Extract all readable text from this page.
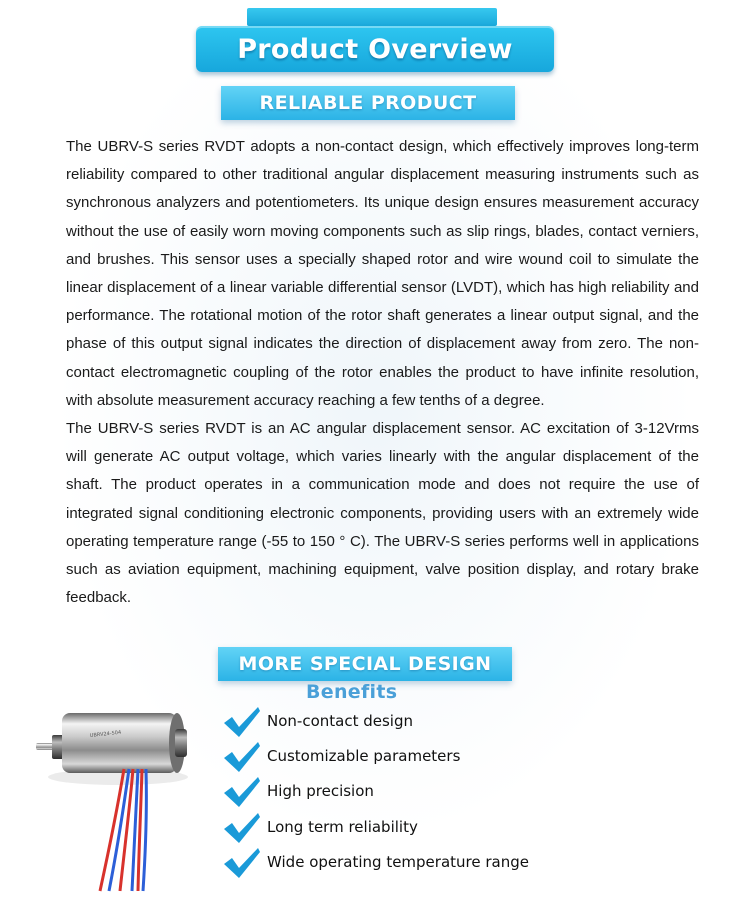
Product Overview
RELIABLE PRODUCT

The UBRV-S series RVDT adopts a non-contact design, which effectively improves long-term reliability compared to other traditional angular displacement measuring instruments such as synchronous analyzers and potentiometers. Its unique design ensures measurement accuracy without the use of easily worn moving components such as slip rings, blades, contact verniers, and brushes. This sensor uses a specially shaped rotor and wire wound coil to simulate the linear displacement of a linear variable differential sensor (LVDT), which has high reliability and performance. The rotational motion of the rotor shaft generates a linear output signal, and the phase of this output signal indicates the direction of displacement away from zero. The non-contact electromagnetic coupling of the rotor enables the product to have infinite resolution, with absolute measurement accuracy reaching a few tenths of a degree.

The UBRV-S series RVDT is an AC angular displacement sensor. AC excitation of 3-12Vrms will generate AC output voltage, which varies linearly with the angular displacement of the shaft. The product operates in a communication mode and does not require the use of integrated signal conditioning electronic components, providing users with an extremely wide operating temperature range (-55 to 150 ° C). The UBRV-S series performs well in applications such as aviation equipment, machining equipment, valve position display, and rotary brake feedback.

MORE SPECIAL DESIGN
Benefits
UBRV24-504
Non-contact design
Customizable parameters
High precision
Long term reliability
Wide operating temperature range
